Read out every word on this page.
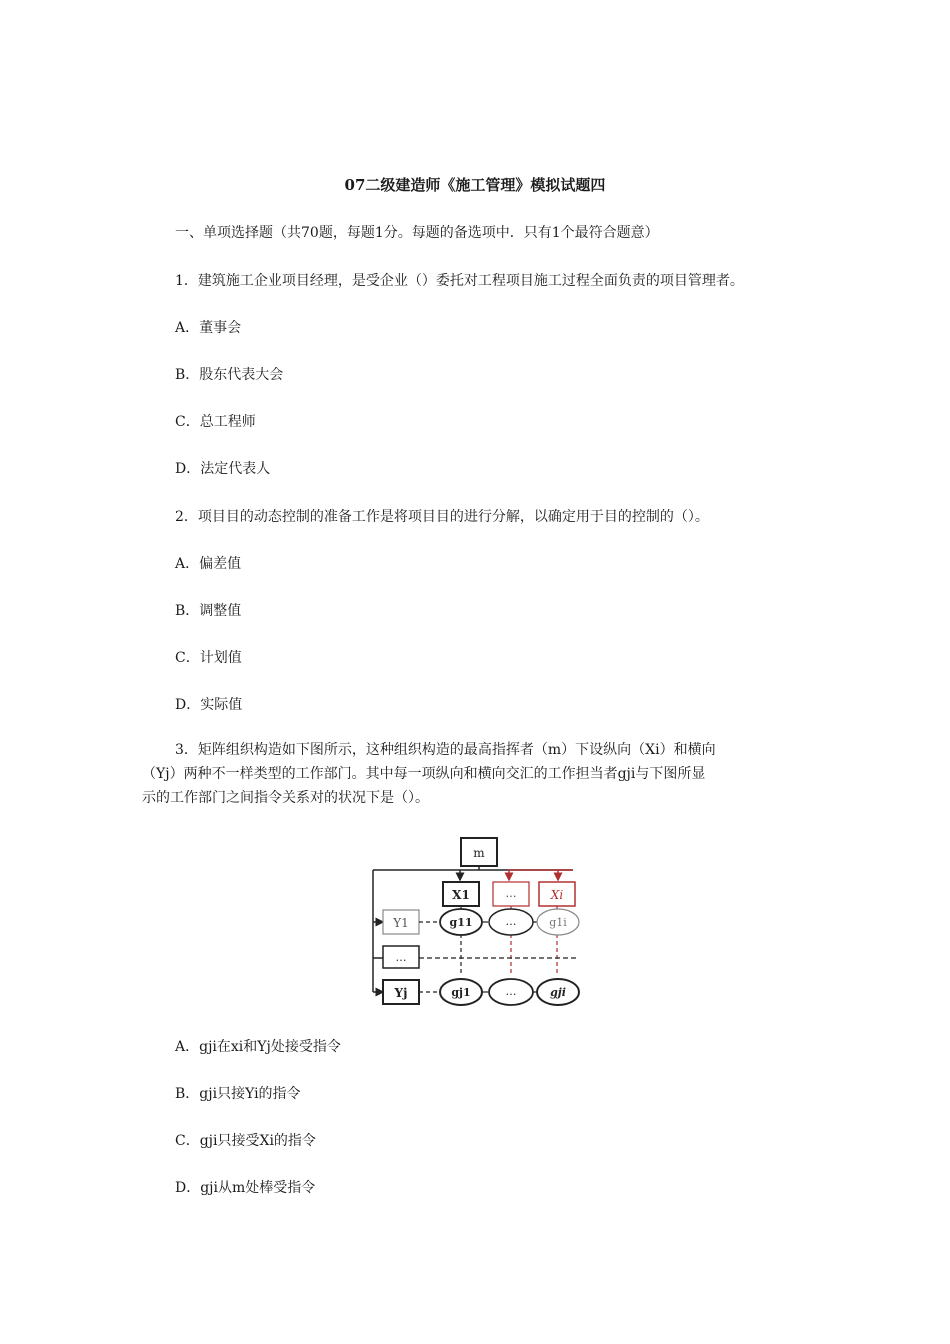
07二级建造师《施工管理》模拟试题四
一、单项选择题（共70题，每题1分。每题的备选项中．只有1个最符合题意）
1．建筑施工企业项目经理，是受企业（）委托对工程项目施工过程全面负责的项目管理者。
A．董事会
B．股东代表大会
C．总工程师
D．法定代表人
2．项目目的动态控制的准备工作是将项目目的进行分解，以确定用于目的控制的（）。
A．偏差值
B．调整值
C．计划值
D．实际值
3．矩阵组织构造如下图所示，这种组织构造的最高指挥者（m）下设纵向（Xi）和横向
（Yj）两种不一样类型的工作部门。其中每一项纵向和横向交汇的工作担当者gji与下图所显
示的工作部门之间指令关系对的状况下是（）。
m
X1	…	Xi
Y1
…
Yj
g11	…	g1i
gj1	…	gji
A．gji在xi和Yj处接受指令
B．gji只接Yi的指令
C．gji只接受Xi的指令
D．gji从m处棒受指令
